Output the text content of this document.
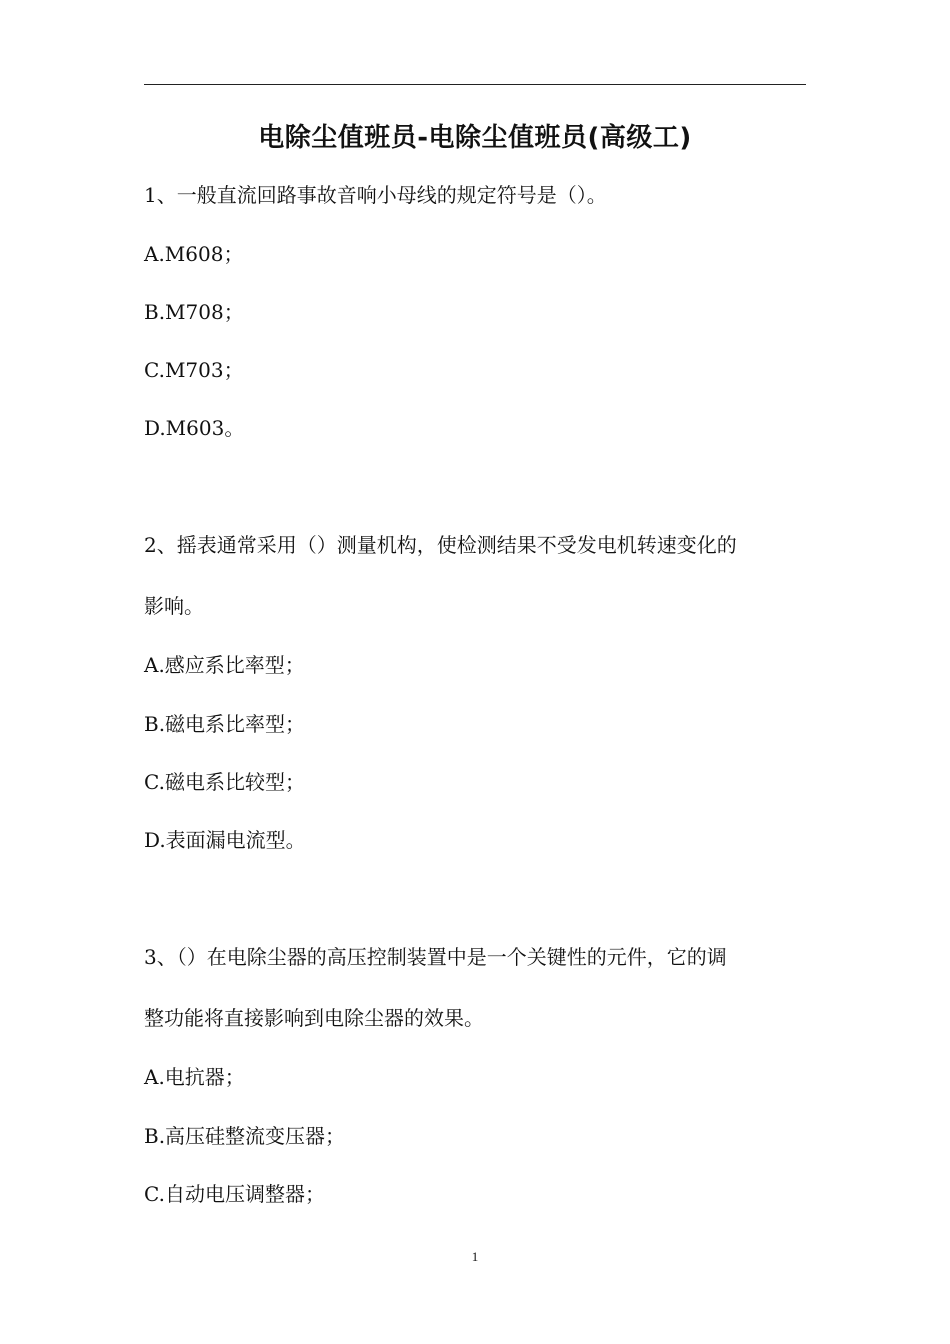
电除尘值班员-电除尘值班员(高级工)
1、一般直流回路事故音响小母线的规定符号是（）。
A.M608；
B.M708；
C.M703；
D.M603。
2、摇表通常采用（）测量机构，使检测结果不受发电机转速变化的
影响。
A.感应系比率型；
B.磁电系比率型；
C.磁电系比较型；
D.表面漏电流型。
3、（）在电除尘器的高压控制装置中是一个关键性的元件，它的调
整功能将直接影响到电除尘器的效果。
A.电抗器；
B.高压硅整流变压器；
C.自动电压调整器；
1
